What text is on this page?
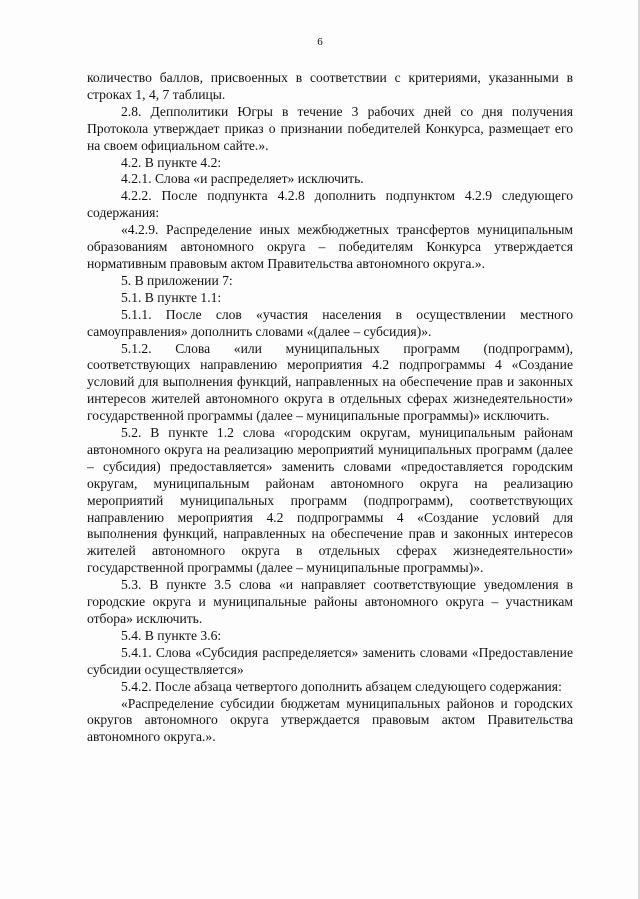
6

количество баллов, присвоенных в соответствии с критериями, указанными в строках 1, 4, 7 таблицы.

2.8. Депполитики Югры в течение 3 рабочих дней со дня получения Протокола утверждает приказ о признании победителей Конкурса, размещает его на своем официальном сайте.».

4.2. В пункте 4.2:

4.2.1. Слова «и распределяет» исключить.

4.2.2. После подпункта 4.2.8 дополнить подпунктом 4.2.9 следующего содержания:

«4.2.9. Распределение иных межбюджетных трансфертов муниципальным образованиям автономного округа – победителям Конкурса утверждается нормативным правовым актом Правительства автономного округа.».

5. В приложении 7:

5.1. В пункте 1.1:

5.1.1. После слов «участия населения в осуществлении местного самоуправления» дополнить словами «(далее – субсидия)».

5.1.2. Слова «или муниципальных программ (подпрограмм), соответствующих направлению мероприятия 4.2 подпрограммы 4 «Создание условий для выполнения функций, направленных на обеспечение прав и законных интересов жителей автономного округа в отдельных сферах жизнедеятельности» государственной программы (далее – муниципальные программы)» исключить.

5.2. В пункте 1.2 слова «городским округам, муниципальным районам автономного округа на реализацию мероприятий муниципальных программ (далее – субсидия) предоставляется» заменить словами «предоставляется городским округам, муниципальным районам автономного округа на реализацию мероприятий муниципальных программ (подпрограмм), соответствующих направлению мероприятия 4.2 подпрограммы 4 «Создание условий для выполнения функций, направленных на обеспечение прав и законных интересов жителей автономного округа в отдельных сферах жизнедеятельности» государственной программы (далее – муниципальные программы)».

5.3. В пункте 3.5 слова «и направляет соответствующие уведомления в городские округа и муниципальные районы автономного округа – участникам отбора» исключить.

5.4. В пункте 3.6:

5.4.1. Слова «Субсидия распределяется» заменить словами «Предоставление субсидии осуществляется»

5.4.2. После абзаца четвертого дополнить абзацем следующего содержания:

«Распределение субсидии бюджетам муниципальных районов и городских округов автономного округа утверждается правовым актом Правительства автономного округа.».
